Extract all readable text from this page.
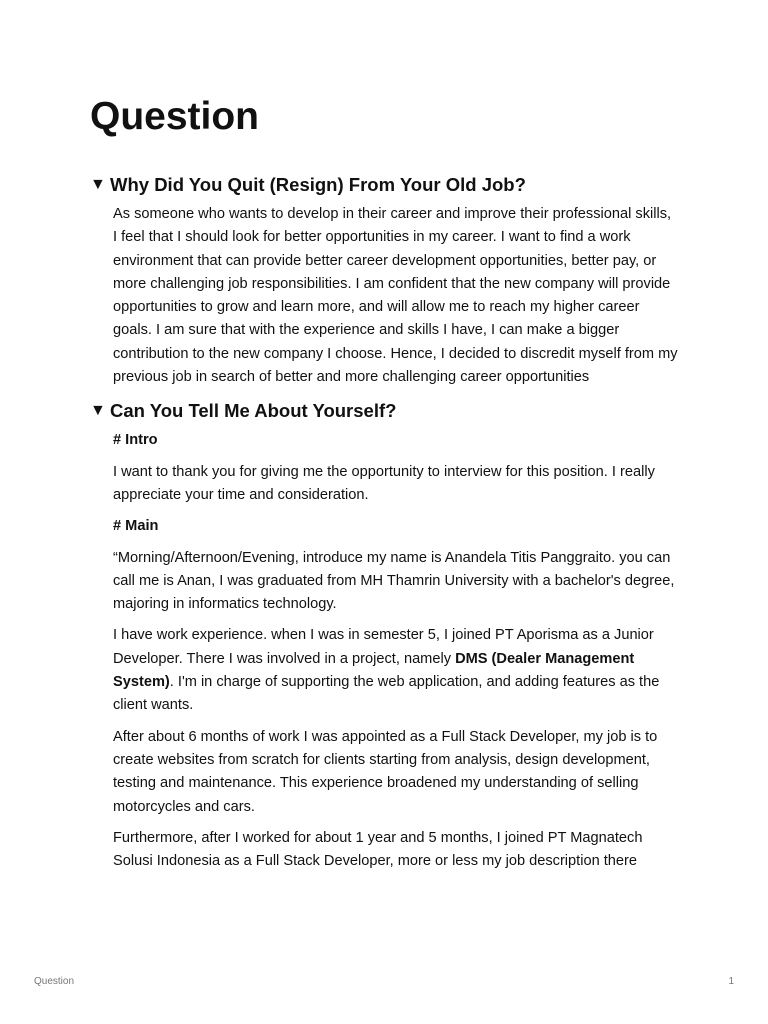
Question
▼ Why Did You Quit (Resign) From Your Old Job?

As someone who wants to develop in their career and improve their professional skills, I feel that I should look for better opportunities in my career. I want to find a work environment that can provide better career development opportunities, better pay, or more challenging job responsibilities. I am confident that the new company will provide opportunities to grow and learn more, and will allow me to reach my higher career goals. I am sure that with the experience and skills I have, I can make a bigger contribution to the new company I choose. Hence, I decided to discredit myself from my previous job in search of better and more challenging career opportunities

▼ Can You Tell Me About Yourself?

# Intro

I want to thank you for giving me the opportunity to interview for this position. I really appreciate your time and consideration.

# Main

“Morning/Afternoon/Evening, introduce my name is Anandela Titis Panggraito. you can call me is Anan, I was graduated from MH Thamrin University with a bachelor's degree, majoring in informatics technology.

I have work experience. when I was in semester 5, I joined PT Aporisma as a Junior Developer. There I was involved in a project, namely DMS (Dealer Management System). I'm in charge of supporting the web application, and adding features as the client wants.

After about 6 months of work I was appointed as a Full Stack Developer, my job is to create websites from scratch for clients starting from analysis, design development, testing and maintenance. This experience broadened my understanding of selling motorcycles and cars.

Furthermore, after I worked for about 1 year and 5 months, I joined PT Magnatech Solusi Indonesia as a Full Stack Developer, more or less my job description there

Question	1
